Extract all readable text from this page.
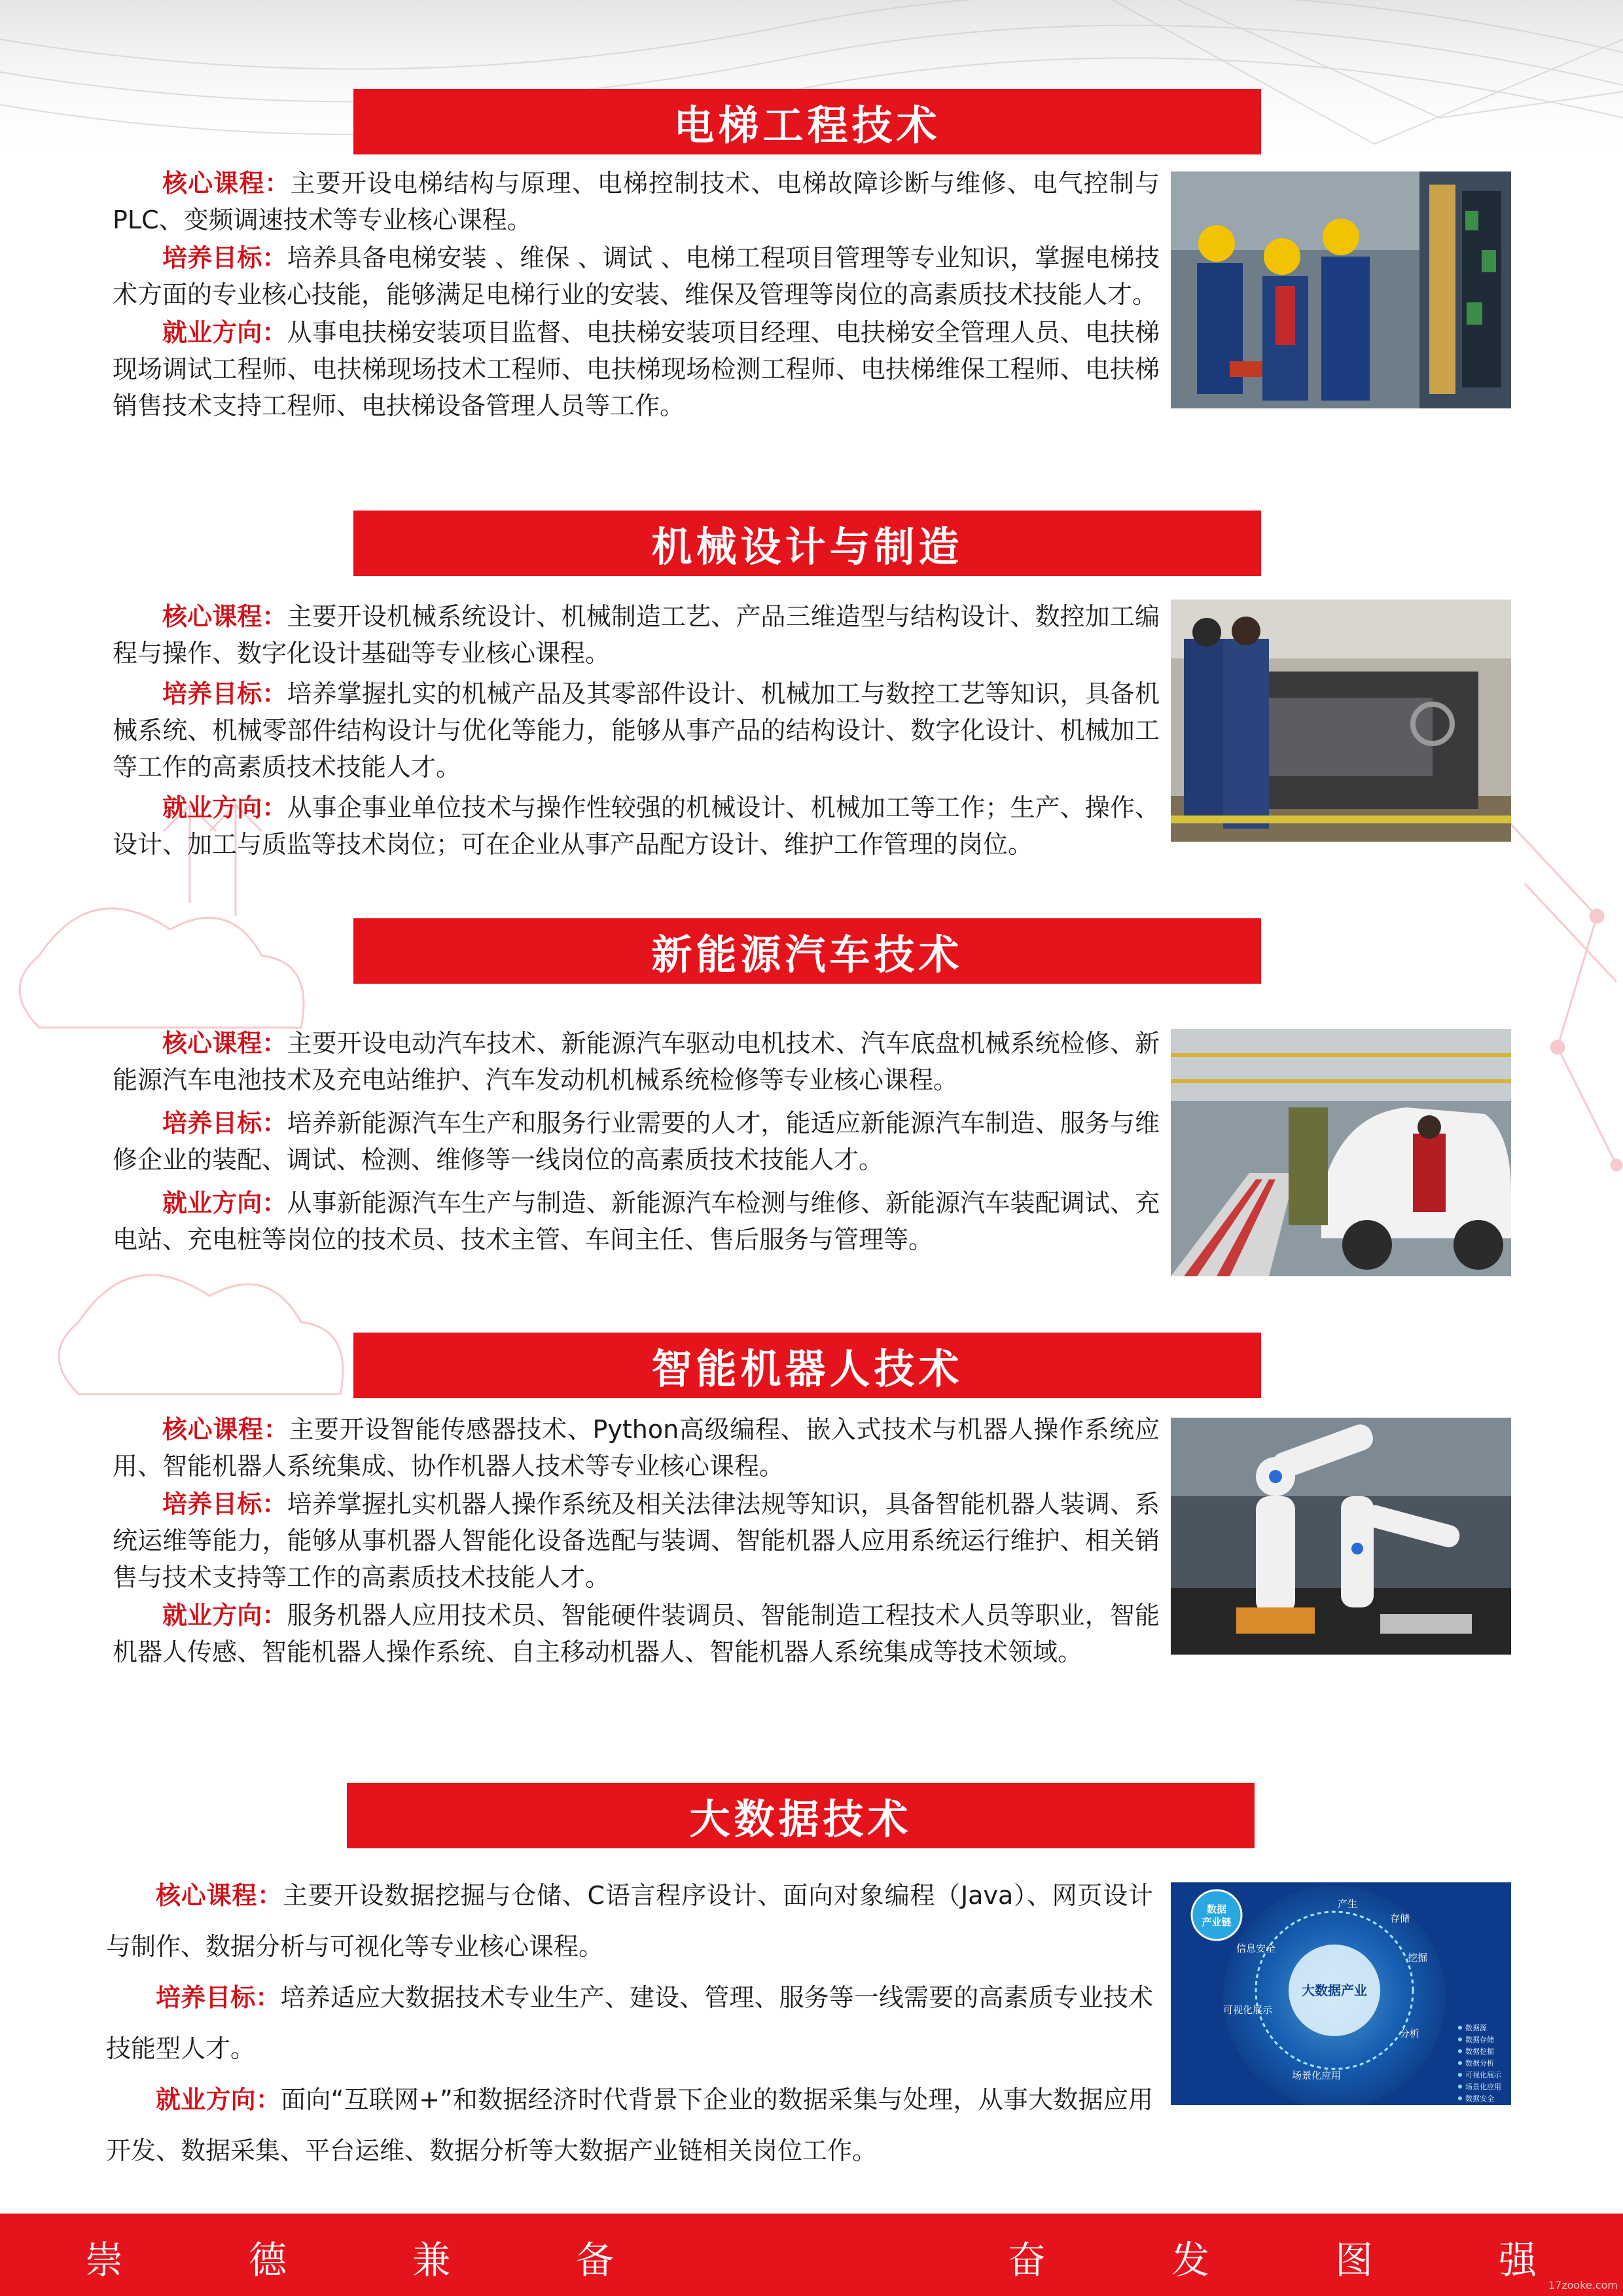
电梯工程技术

核心课程：主要开设电梯结构与原理、电梯控制技术、电梯故障诊断与维修、电气控制与PLC、变频调速技术等专业核心课程。

培养目标：培养具备电梯安装 、维保 、调试 、电梯工程项目管理等专业知识，掌握电梯技术方面的专业核心技能，能够满足电梯行业的安装、维保及管理等岗位的高素质技术技能人才。

就业方向：从事电扶梯安装项目监督、电扶梯安装项目经理、电扶梯安全管理人员、电扶梯现场调试工程师、电扶梯现场技术工程师、电扶梯现场检测工程师、电扶梯维保工程师、电扶梯销售技术支持工程师、电扶梯设备管理人员等工作。

机械设计与制造

核心课程：主要开设机械系统设计、机械制造工艺、产品三维造型与结构设计、数控加工编程与操作、数字化设计基础等专业核心课程。

培养目标：培养掌握扎实的机械产品及其零部件设计、机械加工与数控工艺等知识，具备机械系统、机械零部件结构设计与优化等能力，能够从事产品的结构设计、数字化设计、机械加工等工作的高素质技术技能人才。

就业方向：从事企事业单位技术与操作性较强的机械设计、机械加工等工作；生产、操作、设计、加工与质监等技术岗位；可在企业从事产品配方设计、维护工作管理的岗位。

新能源汽车技术

核心课程：主要开设电动汽车技术、新能源汽车驱动电机技术、汽车底盘机械系统检修、新能源汽车电池技术及充电站维护、汽车发动机机械系统检修等专业核心课程。

培养目标：培养新能源汽车生产和服务行业需要的人才，能适应新能源汽车制造、服务与维修企业的装配、调试、检测、维修等一线岗位的高素质技术技能人才。

就业方向：从事新能源汽车生产与制造、新能源汽车检测与维修、新能源汽车装配调试、充电站、充电桩等岗位的技术员、技术主管、车间主任、售后服务与管理等。

智能机器人技术

核心课程：主要开设智能传感器技术、Python高级编程、嵌入式技术与机器人操作系统应用、智能机器人系统集成、协作机器人技术等专业核心课程。

培养目标：培养掌握扎实机器人操作系统及相关法律法规等知识，具备智能机器人装调、系统运维等能力，能够从事机器人智能化设备选配与装调、智能机器人应用系统运行维护、相关销售与技术支持等工作的高素质技术技能人才。

就业方向：服务机器人应用技术员、智能硬件装调员、智能制造工程技术人员等职业，智能机器人传感、智能机器人操作系统、自主移动机器人、智能机器人系统集成等技术领域。

大数据技术

核心课程：主要开设数据挖掘与仓储、C语言程序设计、面向对象编程（Java）、网页设计与制作、数据分析与可视化等专业核心课程。

培养目标：培养适应大数据技术专业生产、建设、管理、服务等一线需要的高素质专业技术技能型人才。

就业方向：面向“互联网+”和数据经济时代背景下企业的数据采集与处理，从事大数据应用开发、数据采集、平台运维、数据分析等大数据产业链相关岗位工作。

大数据产业
数据
产业链
产生
存储
挖掘
分析
场景化应用
可视化展示
信息安全
数据源
数据存储
数据挖掘
数据分析
可视化展示
场景化应用
数据安全
崇	德	兼	备	奋	发	图	强
17zooke.com
